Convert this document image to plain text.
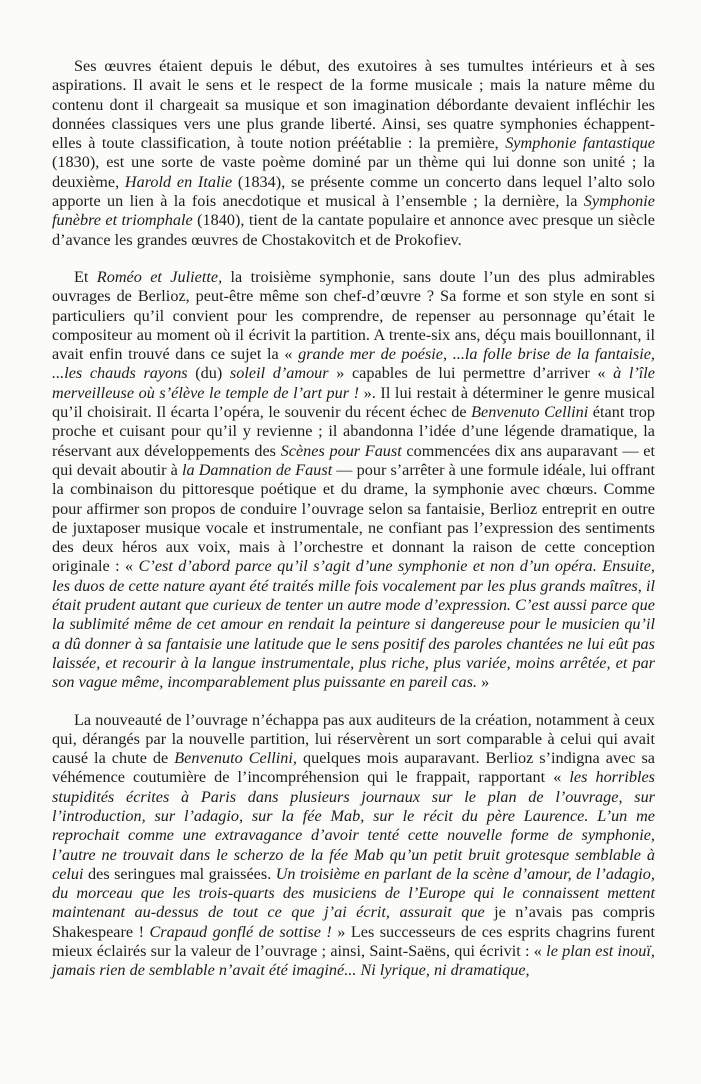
Ses œuvres étaient depuis le début, des exutoires à ses tumultes intérieurs et à ses aspirations. Il avait le sens et le respect de la forme musicale ; mais la nature même du contenu dont il chargeait sa musique et son imagination débordante devaient infléchir les données classiques vers une plus grande liberté. Ainsi, ses quatre symphonies échappent-elles à toute classification, à toute notion préétablie : la première, Symphonie fantastique (1830), est une sorte de vaste poème dominé par un thème qui lui donne son unité ; la deuxième, Harold en Italie (1834), se présente comme un concerto dans lequel l’alto solo apporte un lien à la fois anecdotique et musical à l’ensemble ; la dernière, la Symphonie funèbre et triomphale (1840), tient de la cantate populaire et annonce avec presque un siècle d’avance les grandes œuvres de Chostakovitch et de Prokofiev.

Et Roméo et Juliette, la troisième symphonie, sans doute l’un des plus admirables ouvrages de Berlioz, peut-être même son chef-d’œuvre ? Sa forme et son style en sont si particuliers qu’il convient pour les comprendre, de repenser au personnage qu’était le compositeur au moment où il écrivit la partition. A trente-six ans, déçu mais bouillonnant, il avait enfin trouvé dans ce sujet la « grande mer de poésie, ...la folle brise de la fantaisie, ...les chauds rayons (du) soleil d’amour » capables de lui permettre d’arriver « à l’île merveilleuse où s’élève le temple de l’art pur ! ». Il lui restait à déterminer le genre musical qu’il choisirait. Il écarta l’opéra, le souvenir du récent échec de Benvenuto Cellini étant trop proche et cuisant pour qu’il y revienne ; il abandonna l’idée d’une légende dramatique, la réservant aux développements des Scènes pour Faust commencées dix ans auparavant — et qui devait aboutir à la Damnation de Faust — pour s’arrêter à une formule idéale, lui offrant la combinaison du pittoresque poétique et du drame, la symphonie avec chœurs. Comme pour affirmer son propos de conduire l’ouvrage selon sa fantaisie, Berlioz entreprit en outre de juxtaposer musique vocale et instrumentale, ne confiant pas l’expression des sentiments des deux héros aux voix, mais à l’orchestre et donnant la raison de cette conception originale : « C’est d’abord parce qu’il s’agit d’une symphonie et non d’un opéra. Ensuite, les duos de cette nature ayant été traités mille fois vocalement par les plus grands maîtres, il était prudent autant que curieux de tenter un autre mode d’expression. C’est aussi parce que la sublimité même de cet amour en rendait la peinture si dangereuse pour le musicien qu’il a dû donner à sa fantaisie une latitude que le sens positif des paroles chantées ne lui eût pas laissée, et recourir à la langue instrumentale, plus riche, plus variée, moins arrêtée, et par son vague même, incomparablement plus puissante en pareil cas. »

La nouveauté de l’ouvrage n’échappa pas aux auditeurs de la création, notamment à ceux qui, dérangés par la nouvelle partition, lui réservèrent un sort comparable à celui qui avait causé la chute de Benvenuto Cellini, quelques mois auparavant. Berlioz s’indigna avec sa véhémence coutumière de l’incompréhension qui le frappait, rapportant « les horribles stupidités écrites à Paris dans plusieurs journaux sur le plan de l’ouvrage, sur l’introduction, sur l’adagio, sur la fée Mab, sur le récit du père Laurence. L’un me reprochait comme une extravagance d’avoir tenté cette nouvelle forme de symphonie, l’autre ne trouvait dans le scherzo de la fée Mab qu’un petit bruit grotesque semblable à celui des seringues mal graissées. Un troisième en parlant de la scène d’amour, de l’adagio, du morceau que les trois-quarts des musiciens de l’Europe qui le connaissent mettent maintenant au-dessus de tout ce que j’ai écrit, assurait que je n’avais pas compris Shakespeare ! Crapaud gonflé de sottise ! » Les successeurs de ces esprits chagrins furent mieux éclairés sur la valeur de l’ouvrage ; ainsi, Saint-Saëns, qui écrivit : « le plan est inouï, jamais rien de semblable n’avait été imaginé... Ni lyrique, ni dramatique,
